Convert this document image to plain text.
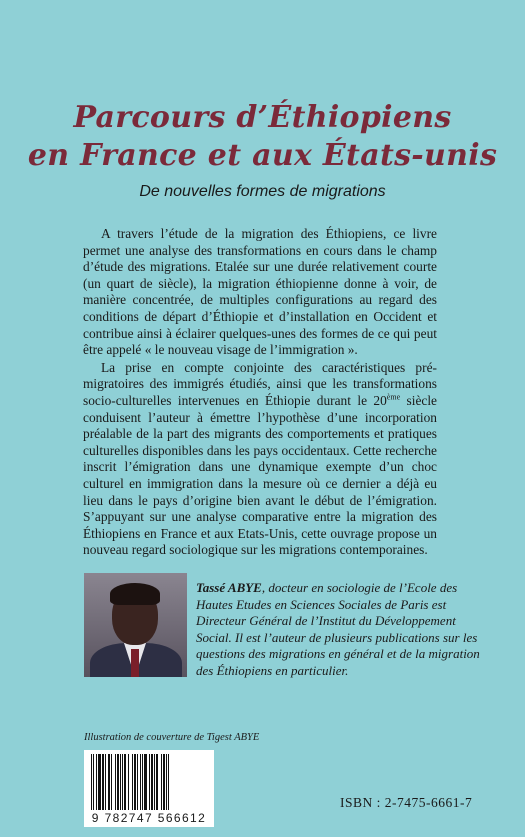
Parcours d’Éthiopiens
en France et aux États-unis
De nouvelles formes de migrations

A travers l’étude de la migration des Éthiopiens, ce livre permet une analyse des transformations en cours dans le champ d’étude des migrations. Etalée sur une durée relativement courte (un quart de siècle), la migration éthiopienne donne à voir, de manière concentrée, de multiples configurations au regard des conditions de départ d’Éthiopie et d’installation en Occident et contribue ainsi à éclairer quelques-unes des formes de ce qui peut être appelé « le nouveau visage de l’immigration ».

La prise en compte conjointe des caractéristiques pré-migratoires des immigrés étudiés, ainsi que les transformations socio-culturelles intervenues en Éthiopie durant le 20ème siècle conduisent l’auteur à émettre l’hypothèse d’une incorporation préalable de la part des migrants des comportements et pratiques culturelles disponibles dans les pays occidentaux. Cette recherche inscrit l’émigration dans une dynamique exempte d’un choc culturel en immigration dans la mesure où ce dernier a déjà eu lieu dans le pays d’origine bien avant le début de l’émigration. S’appuyant sur une analyse comparative entre la migration des Éthiopiens en France et aux Etats-Unis, cette ouvrage propose un nouveau regard sociologique sur les migrations contemporaines.

Tassé ABYE, docteur en sociologie de l’Ecole des Hautes Etudes en Sciences Sociales de Paris est Directeur Général de l’Institut du Développement Social. Il est l’auteur de plusieurs publications sur les questions des migrations en général et de la migration des Éthiopiens en particulier.
Illustration de couverture de Tigest ABYE
9 782747 566612
ISBN : 2-7475-6661-7
